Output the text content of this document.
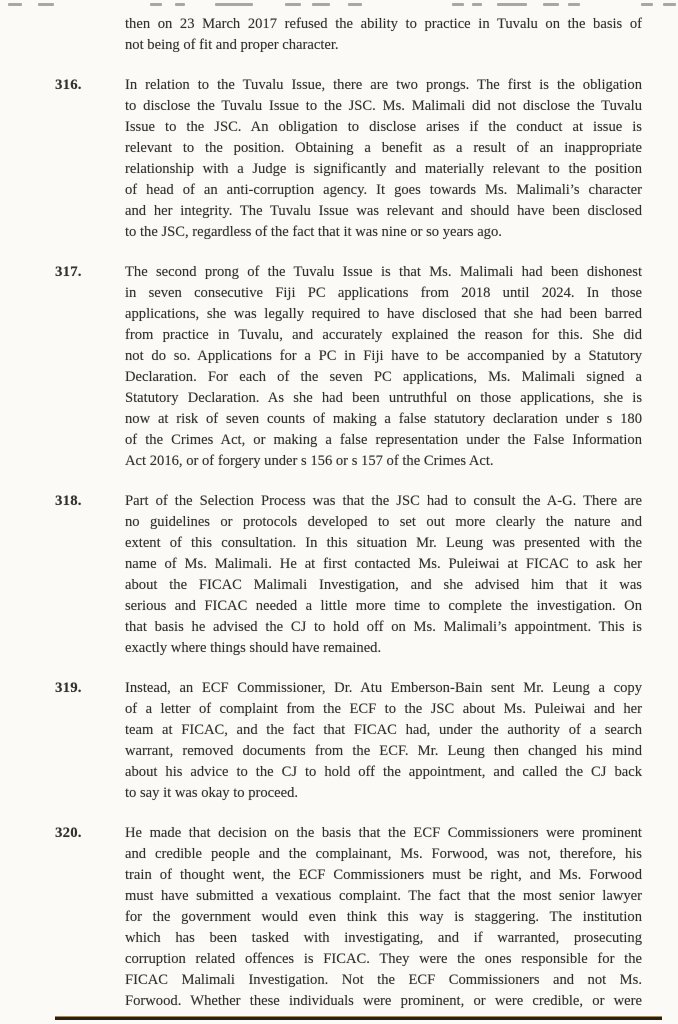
then on 23 March 2017 refused the ability to practice in Tuvalu on the basis of
not being of fit and proper character.
316.	In relation to the Tuvalu Issue, there are two prongs. The first is the obligation
to disclose the Tuvalu Issue to the JSC. Ms. Malimali did not disclose the Tuvalu
Issue to the JSC. An obligation to disclose arises if the conduct at issue is
relevant to the position. Obtaining a benefit as a result of an inappropriate
relationship with a Judge is significantly and materially relevant to the position
of head of an anti-corruption agency. It goes towards Ms. Malimali’s character
and her integrity. The Tuvalu Issue was relevant and should have been disclosed
to the JSC, regardless of the fact that it was nine or so years ago.
317.	The second prong of the Tuvalu Issue is that Ms. Malimali had been dishonest
in seven consecutive Fiji PC applications from 2018 until 2024. In those
applications, she was legally required to have disclosed that she had been barred
from practice in Tuvalu, and accurately explained the reason for this. She did
not do so. Applications for a PC in Fiji have to be accompanied by a Statutory
Declaration. For each of the seven PC applications, Ms. Malimali signed a
Statutory Declaration. As she had been untruthful on those applications, she is
now at risk of seven counts of making a false statutory declaration under s 180
of the Crimes Act, or making a false representation under the False Information
Act 2016, or of forgery under s 156 or s 157 of the Crimes Act.
318.	Part of the Selection Process was that the JSC had to consult the A-G. There are
no guidelines or protocols developed to set out more clearly the nature and
extent of this consultation. In this situation Mr. Leung was presented with the
name of Ms. Malimali. He at first contacted Ms. Puleiwai at FICAC to ask her
about the FICAC Malimali Investigation, and she advised him that it was
serious and FICAC needed a little more time to complete the investigation. On
that basis he advised the CJ to hold off on Ms. Malimali’s appointment. This is
exactly where things should have remained.
319.	Instead, an ECF Commissioner, Dr. Atu Emberson-Bain sent Mr. Leung a copy
of a letter of complaint from the ECF to the JSC about Ms. Puleiwai and her
team at FICAC, and the fact that FICAC had, under the authority of a search
warrant, removed documents from the ECF. Mr. Leung then changed his mind
about his advice to the CJ to hold off the appointment, and called the CJ back
to say it was okay to proceed.
320.	He made that decision on the basis that the ECF Commissioners were prominent
and credible people and the complainant, Ms. Forwood, was not, therefore, his
train of thought went, the ECF Commissioners must be right, and Ms. Forwood
must have submitted a vexatious complaint. The fact that the most senior lawyer
for the government would even think this way is staggering. The institution
which has been tasked with investigating, and if warranted, prosecuting
corruption related offences is FICAC. They were the ones responsible for the
FICAC Malimali Investigation. Not the ECF Commissioners and not Ms.
Forwood. Whether these individuals were prominent, or were credible, or were
